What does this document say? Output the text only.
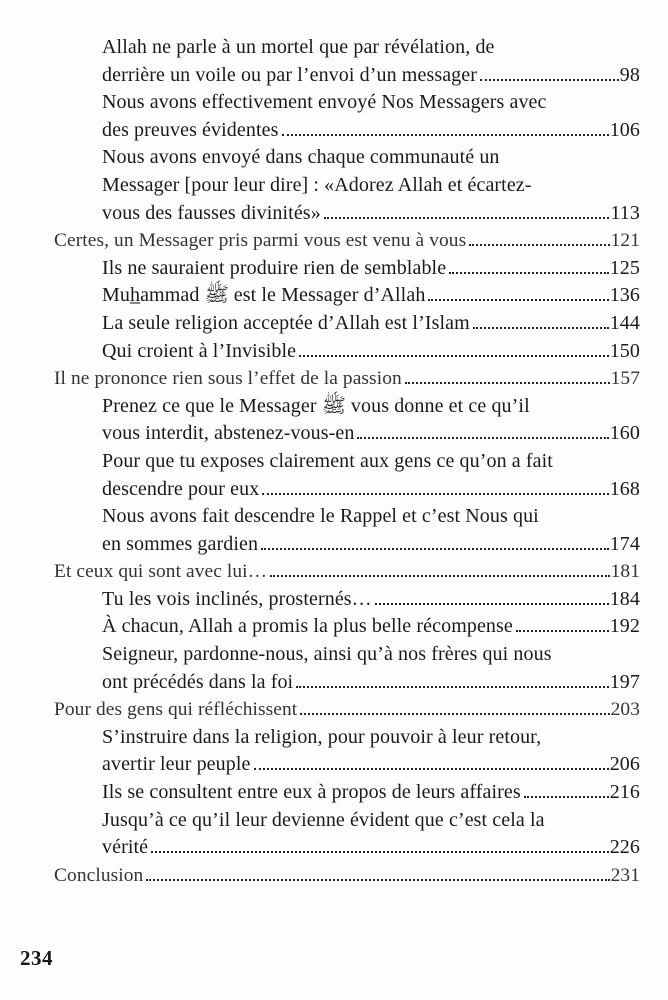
Allah ne parle à un mortel que par révélation, de
derrière un voile ou par l’envoi d’un messager	98
Nous avons effectivement envoyé Nos Messagers avec
des preuves évidentes	106
Nous avons envoyé dans chaque communauté un
Messager [pour leur dire] : «Adorez Allah et écartez-
vous des fausses divinités»	113
Certes, un Messager pris parmi vous est venu à vous	121
Ils ne sauraient produire rien de semblable	125
Muh̲ammad ﷺ est le Messager d’Allah	136
La seule religion acceptée d’Allah est l’Islam	144
Qui croient à l’Invisible	150
Il ne prononce rien sous l’effet de la passion	157
Prenez ce que le Messager ﷺ vous donne et ce qu’il
vous interdit, abstenez-vous-en	160
Pour que tu exposes clairement aux gens ce qu’on a fait
descendre pour eux	168
Nous avons fait descendre le Rappel et c’est Nous qui
en sommes gardien	174
Et ceux qui sont avec lui…	181
Tu les vois inclinés, prosternés…	184
À chacun, Allah a promis la plus belle récompense	192
Seigneur, pardonne-nous, ainsi qu’à nos frères qui nous
ont précédés dans la foi	197
Pour des gens qui réfléchissent	203
S’instruire dans la religion, pour pouvoir à leur retour,
avertir leur peuple	206
Ils se consultent entre eux à propos de leurs affaires	216
Jusqu’à ce qu’il leur devienne évident que c’est cela la
vérité	226
Conclusion	231
234
